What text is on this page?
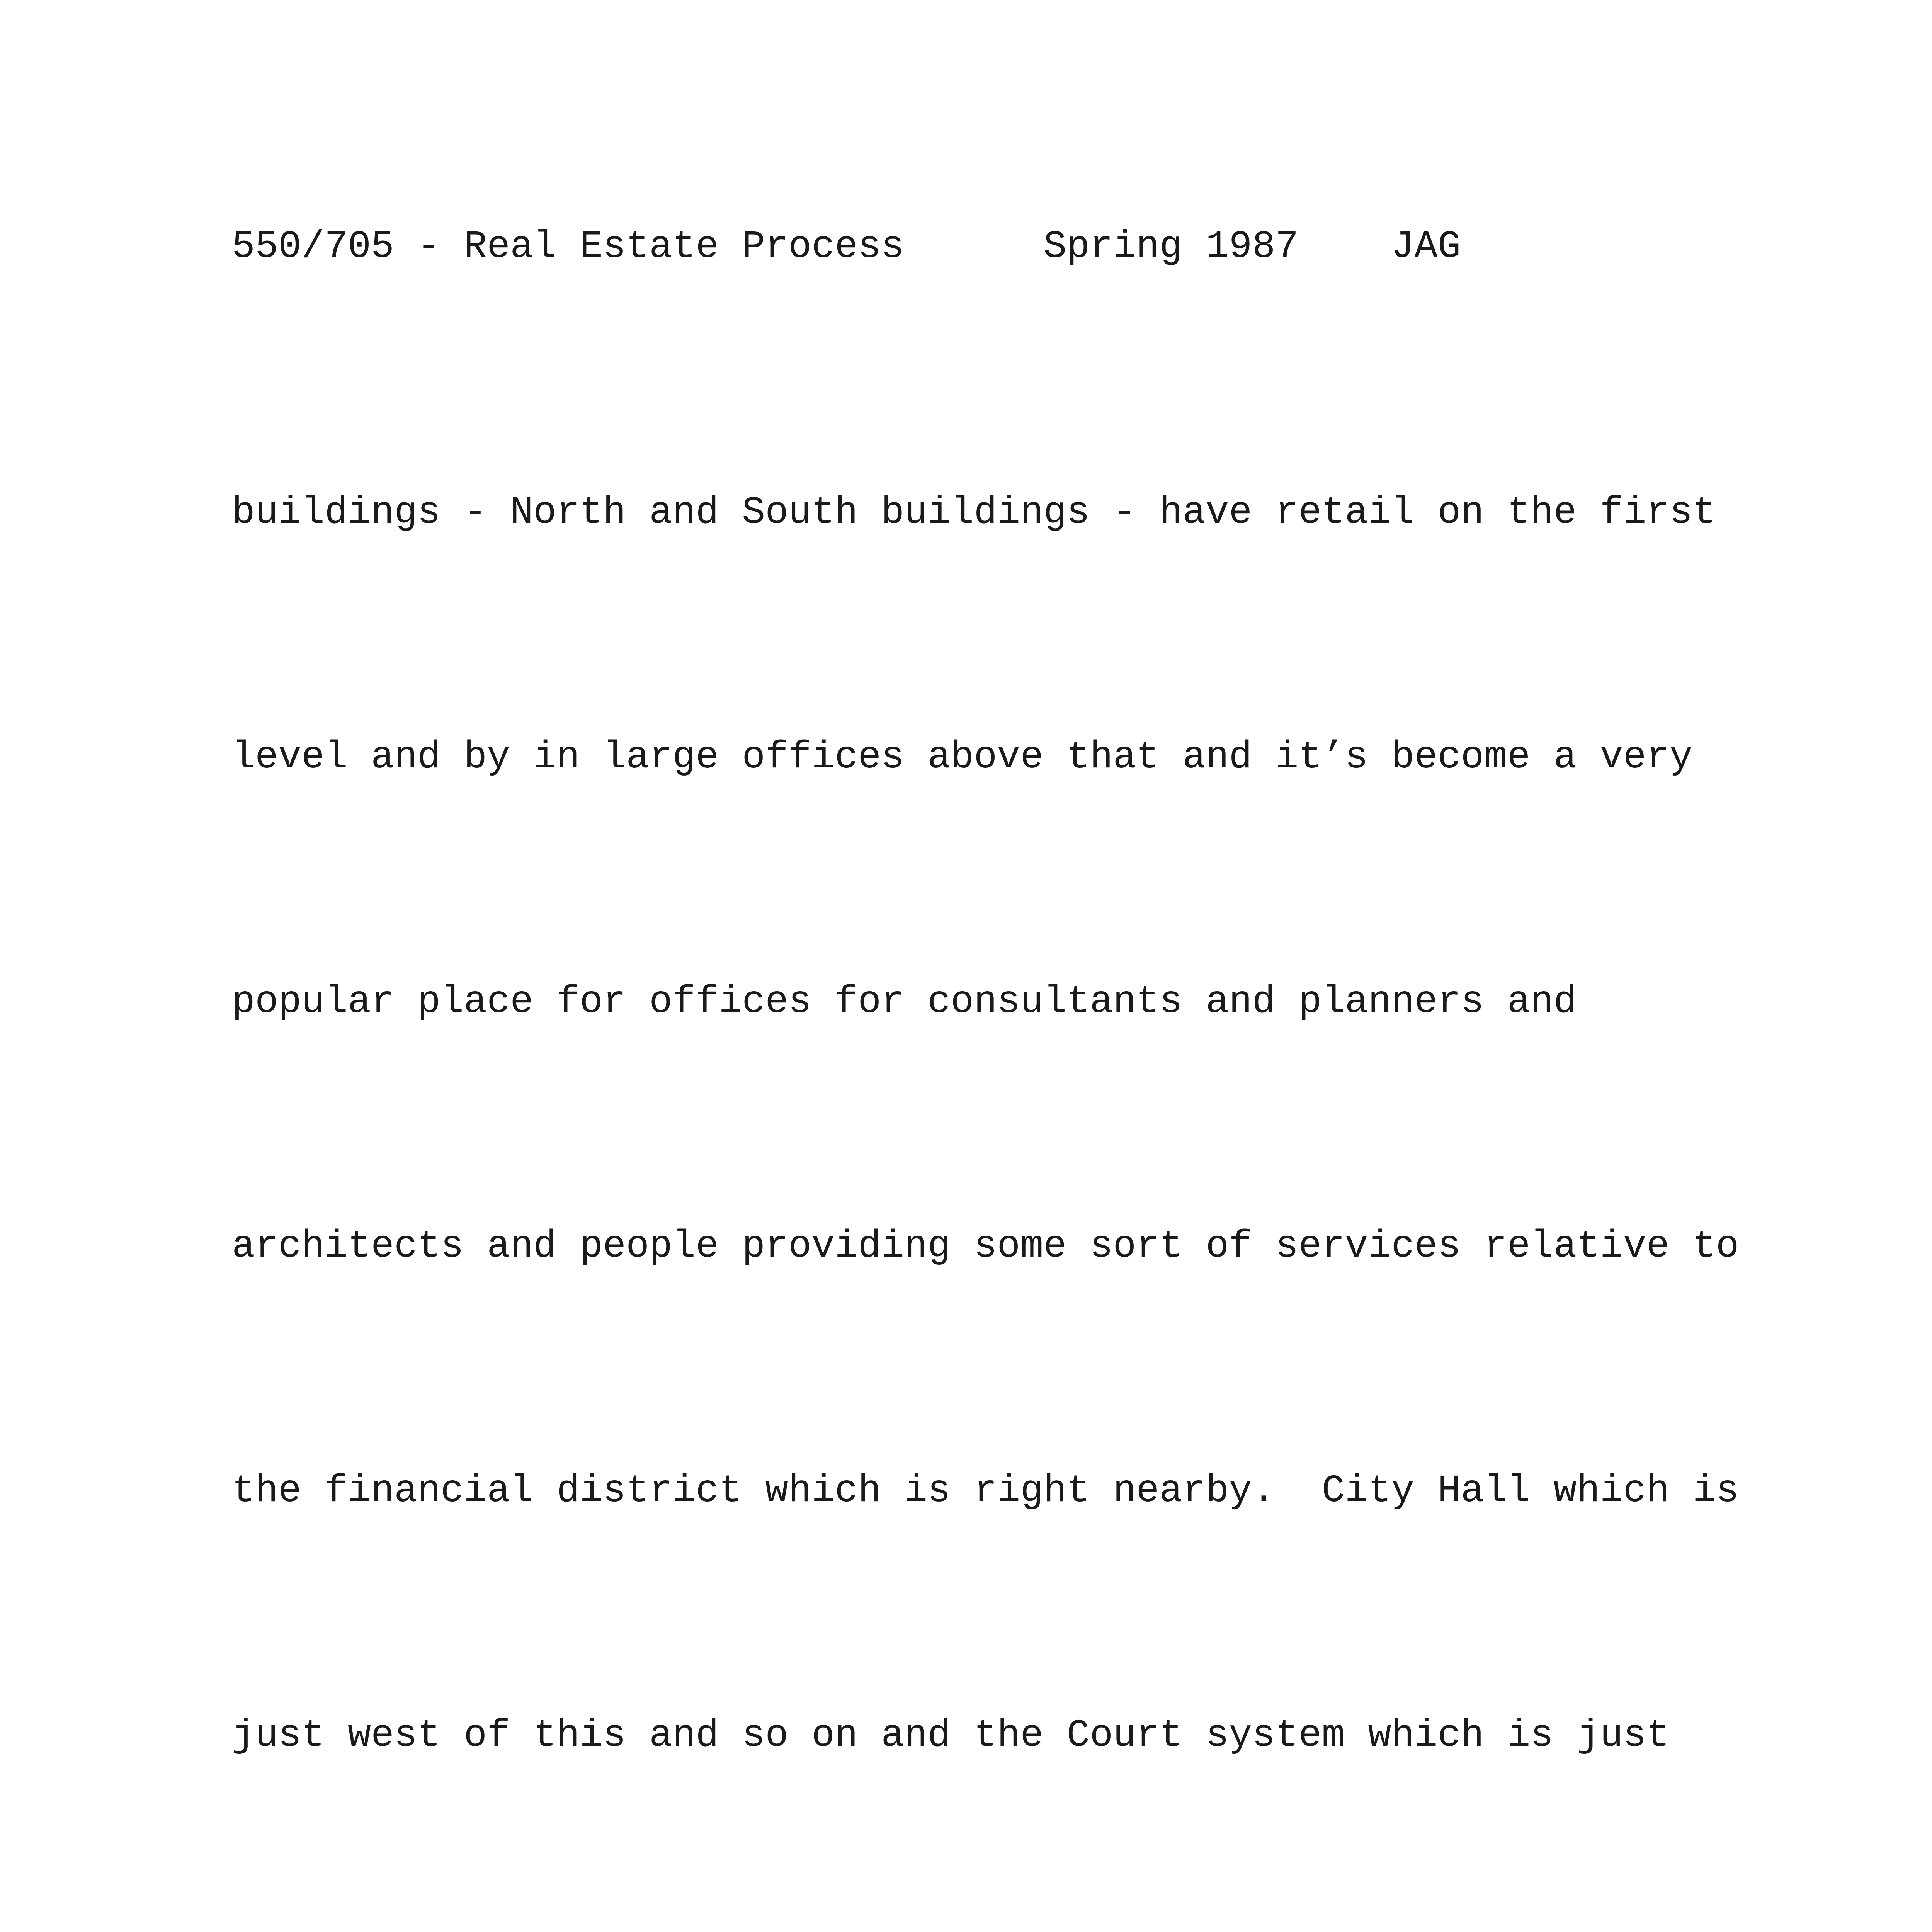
550/705 - Real Estate Process	Spring 1987 JAG

buildings - North and South buildings - have retail on the first

level and by in large offices above that and it’s become a very

popular place for offices for consultants and planners and

architects and people providing some sort of services relative to

the financial district which is right nearby.  City Hall which is

just west of this and so on and the Court system which is just
